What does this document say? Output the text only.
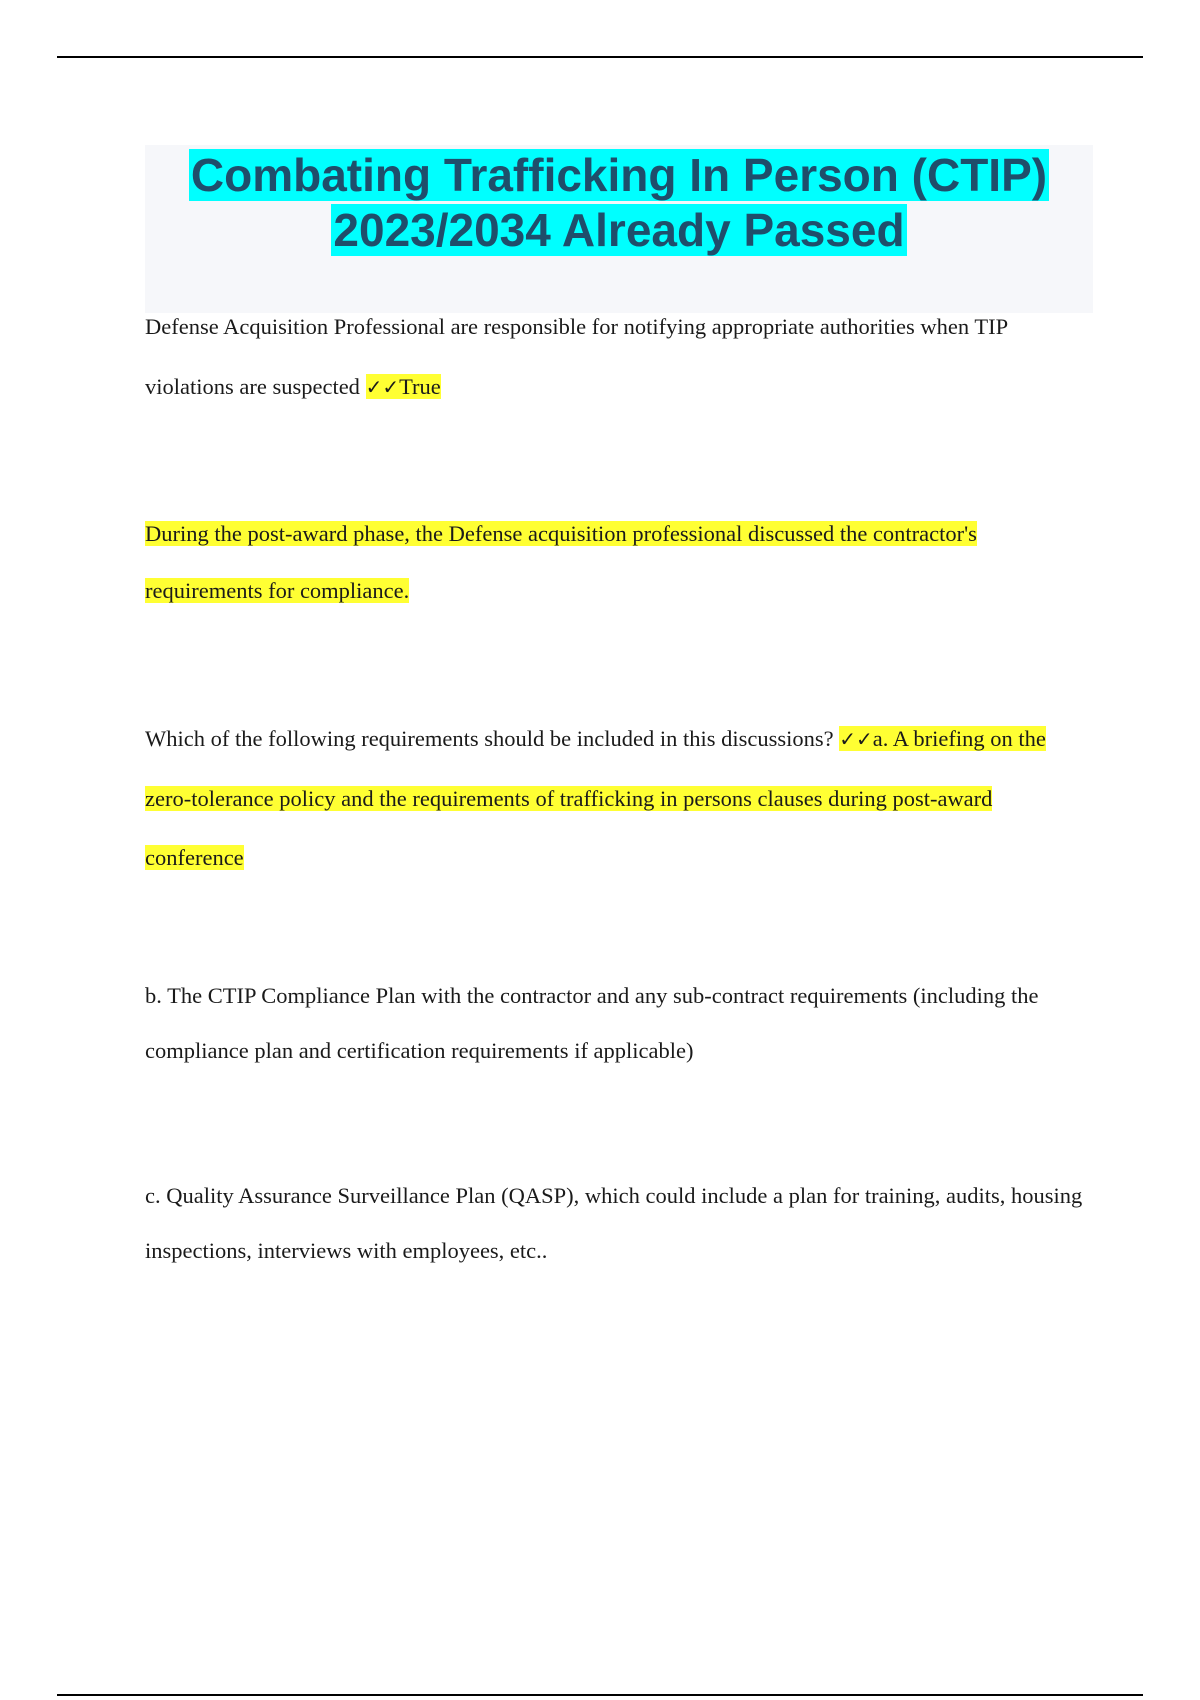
Combating Trafficking In Person (CTIP)
2023/2034 Already Passed

Defense Acquisition Professional are responsible for notifying appropriate authorities when TIP violations are suspected ✓✓True

During the post-award phase, the Defense acquisition professional discussed the contractor's requirements for compliance.

Which of the following requirements should be included in this discussions? ✓✓a. A briefing on the zero-tolerance policy and the requirements of trafficking in persons clauses during post-award conference

b. The CTIP Compliance Plan with the contractor and any sub-contract requirements (including the compliance plan and certification requirements if applicable)

c. Quality Assurance Surveillance Plan (QASP), which could include a plan for training, audits, housing inspections, interviews with employees, etc..
